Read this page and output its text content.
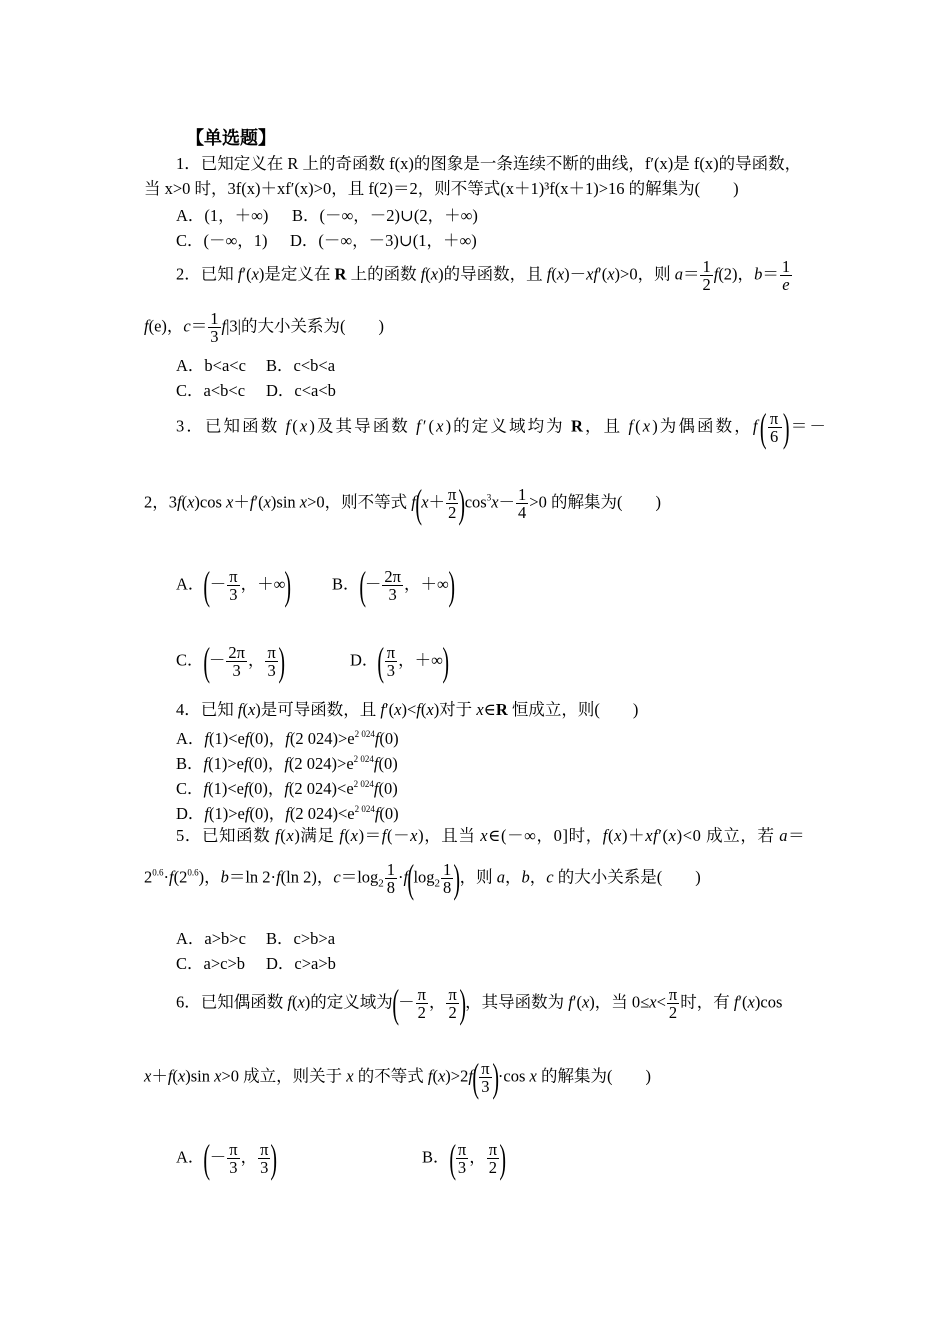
【单选题】
1．已知定义在 R 上的奇函数 f(x)的图象是一条连续不断的曲线，f′(x)是 f(x)的导函数，
当 x>0 时，3f(x)＋xf′(x)>0，且 f(2)＝2，则不等式(x＋1)³f(x＋1)>16 的解集为(　　)
A．(1，＋∞) B．(－∞，－2)∪(2，＋∞)
C．(－∞，1) D．(－∞，－3)∪(1，＋∞)
2．已知 f′(x)是定义在 R 上的函数 f(x)的导函数，且 f(x)－xf′(x)>0，则 $a= \frac{1}{2} f(2)$，$b= \frac{1}{e}$
f(e)，$c= \frac{1}{3} f|3|$的大小关系为(　　)
A．b<a<c B．c<b<a
C．a<b<c D．c<a<b
3．已知函数 f(x)及其导函数 f′(x)的定义域均为 R，且 f(x)为偶函数，$f( \frac{\pi}{6}$ )＝－
2，3f(x)cos x＋f′(x)sin x>0，则不等式 $f(x+ \frac{\pi}{2} )\cos^3x- \frac{1}{4} >0$ 的解集为(　　)
A．(－ $\frac{\pi}{3}$ ，＋∞) B．(－ $\frac{2\pi}{3}$ ，＋∞)
C．(－ $\frac{2\pi}{3}$ ， $\frac{\pi}{3}$ )	D．( $\frac{\pi}{3}$ ，＋∞)
4．已知 f(x)是可导函数，且 f′(x)<f(x)对于 x∈R 恒成立，则(　　)
A．f(1)<ef(0)，f(2 $024)>e^{2 024}f(0)$
B．f(1)>ef(0)，f(2 $024)>e^{2 024}f(0)$
C．f(1)<ef(0)，f(2 $024)<e^{2 024}f(0)$
D．f(1)>ef(0)，f(2 $024)<e^{2 024}f(0)$
5．已知函数 f(x)满足 f(x)＝f(－x)，且当 x∈(－∞，0]时，f(x)＋xf′(x)<0 成立，若 a＝
$2^{0.6}\cdot f(2^{0.6})$，b＝ln 2·f(ln 2)，$c=\log_2 \frac{1}{8} \cdot f(\log_2 \frac{1}{8}$ )，则 a，b，c 的大小关系是(　　)
A．a>b>c B．c>b>a
C．a>c>b D．c>a>b
6．已知偶函数 f(x)的定义域为(－ $\frac{\pi}{2}$ ， $\frac{\pi}{2}$ )，其导函数为 f′(x)，当 $0\le x< \frac{\pi}{2}$ 时，有 f′(x)cos
x＋f(x)sin x>0 成立，则关于 x 的不等式 $f(x)>2f( \frac{\pi}{3} )\cdot\cos$ x 的解集为(　　)
A．(－ $\frac{\pi}{3}$ ， $\frac{\pi}{3}$ )	B．( $\frac{\pi}{3}$ ， $\frac{\pi}{2}$ )
